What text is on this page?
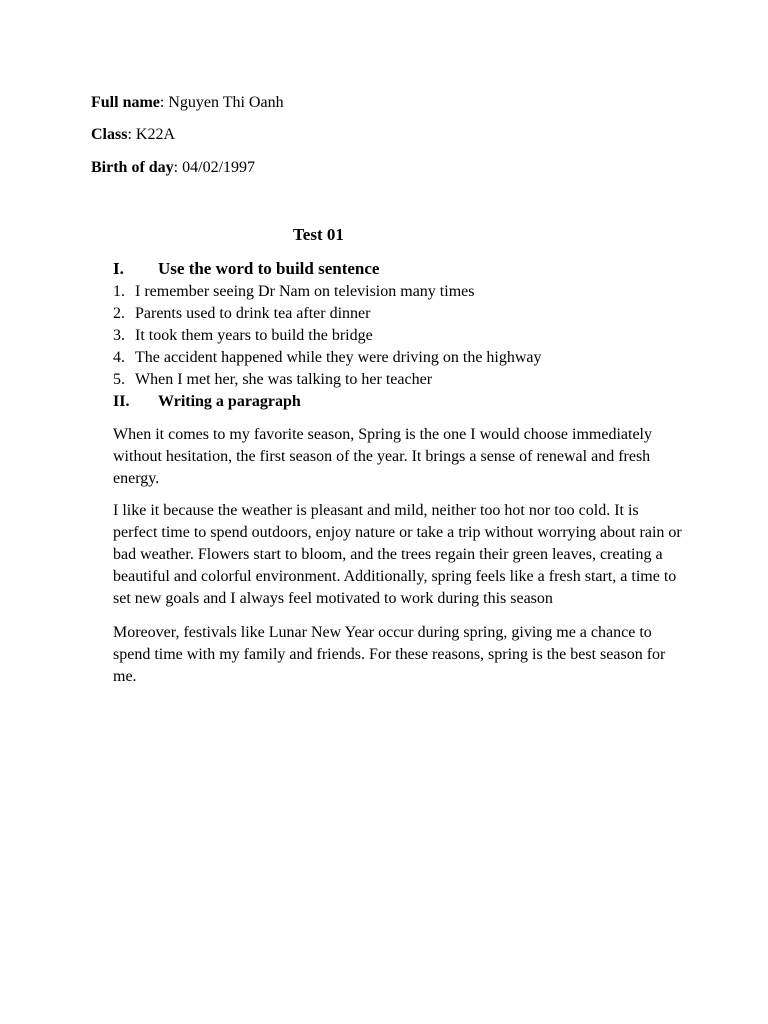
Full name: Nguyen Thi Oanh
Class: K22A
Birth of day: 04/02/1997
Test 01
I. Use the word to build sentence
1. I remember seeing Dr Nam on television many times
2. Parents used to drink tea after dinner
3. It took them years to build the bridge
4. The accident happened while they were driving on the highway
5. When I met her, she was talking to her teacher
II. Writing a paragraph

When it comes to my favorite season, Spring is the one I would choose immediately without hesitation, the first season of the year. It brings a sense of renewal and fresh energy.

I like it because the weather is pleasant and mild, neither too hot nor too cold. It is perfect time to spend outdoors, enjoy nature or take a trip without worrying about rain or bad weather. Flowers start to bloom, and the trees regain their green leaves, creating a beautiful and colorful environment. Additionally, spring feels like a fresh start, a time to set new goals and I always feel motivated to work during this season

Moreover, festivals like Lunar New Year occur during spring, giving me a chance to spend time with my family and friends. For these reasons, spring is the best season for me.
